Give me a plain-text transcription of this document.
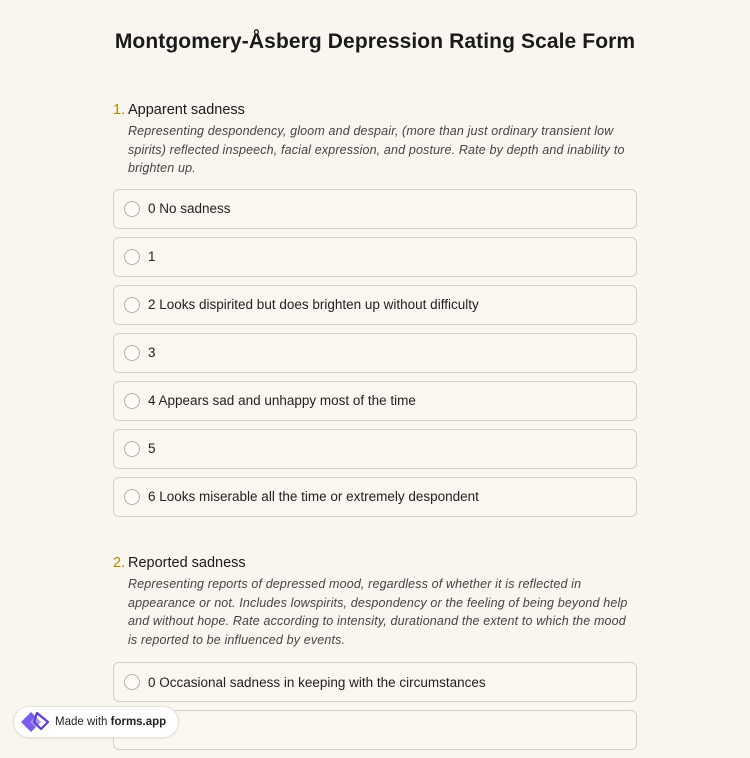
Montgomery-Åsberg Depression Rating Scale Form
1. Apparent sadness
Representing despondency, gloom and despair, (more than just ordinary transient low spirits) reflected inspeech, facial expression, and posture. Rate by depth and inability to brighten up.
0 No sadness
1
2 Looks dispirited but does brighten up without difficulty
3
4 Appears sad and unhappy most of the time
5
6 Looks miserable all the time or extremely despondent
2. Reported sadness
Representing reports of depressed mood, regardless of whether it is reflected in appearance or not. Includes lowspirits, despondency or the feeling of being beyond help and without hope. Rate according to intensity, durationand the extent to which the mood is reported to be influenced by events.
0 Occasional sadness in keeping with the circumstances
Made with forms.app
